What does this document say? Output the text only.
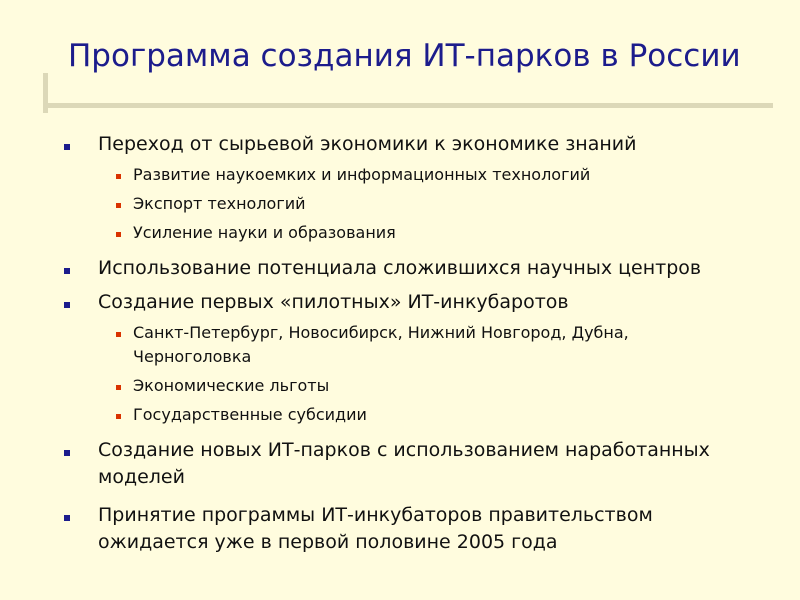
Программа создания ИТ-парков в России
Переход от сырьевой экономики к экономике знаний
Развитие наукоемких и информационных технологий
Экспорт технологий
Усиление науки и образования
Использование потенциала сложившихся научных центров
Создание первых «пилотных» ИТ-инкубаротов
Санкт-Петербург, Новосибирск, Нижний Новгород, Дубна, Черноголовка
Экономические льготы
Государственные субсидии
Создание новых ИТ-парков с использованием наработанных моделей
Принятие программы ИТ-инкубаторов правительством ожидается уже в первой половине 2005 года
